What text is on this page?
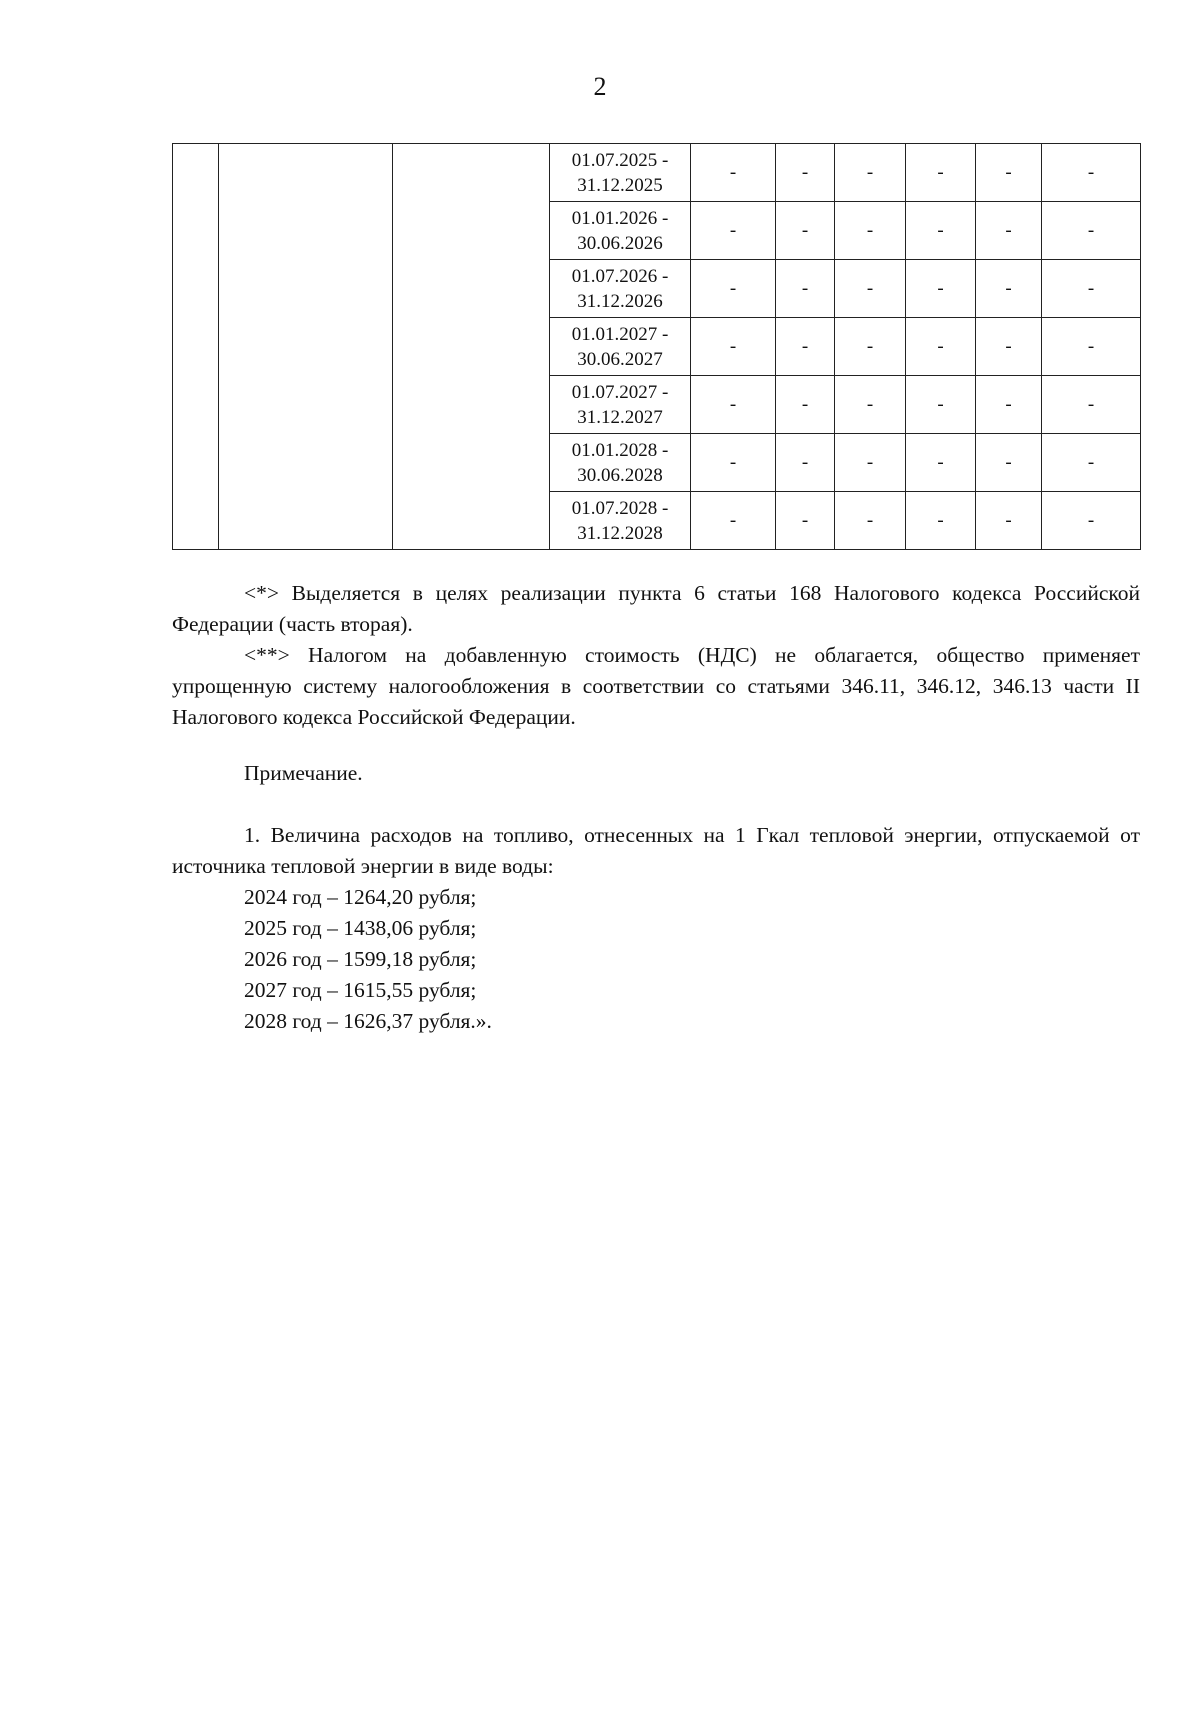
2

			01.07.2025 -
31.12.2025	-	-	-	-	-	-

			01.01.2026 -
30.06.2026	-	-	-	-	-	-

			01.07.2026 -
31.12.2026	-	-	-	-	-	-

			01.01.2027 -
30.06.2027	-	-	-	-	-	-

			01.07.2027 -
31.12.2027	-	-	-	-	-	-

			01.01.2028 -
30.06.2028	-	-	-	-	-	-

			01.07.2028 -
31.12.2028	-	-	-	-	-	-

<*> Выделяется в целях реализации пункта 6 статьи 168 Налогового кодекса Российской Федерации (часть вторая).

<**> Налогом на добавленную стоимость (НДС) не облагается, общество применяет упрощенную систему налогообложения в соответствии со статьями 346.11, 346.12, 346.13 части II Налогового кодекса Российской Федерации.

Примечание.

1. Величина расходов на топливо, отнесенных на 1 Гкал тепловой энергии, отпускаемой от источника тепловой энергии в виде воды:

2024 год – 1264,20 рубля;

2025 год – 1438,06 рубля;

2026 год – 1599,18 рубля;

2027 год – 1615,55 рубля;

2028 год – 1626,37 рубля.».
